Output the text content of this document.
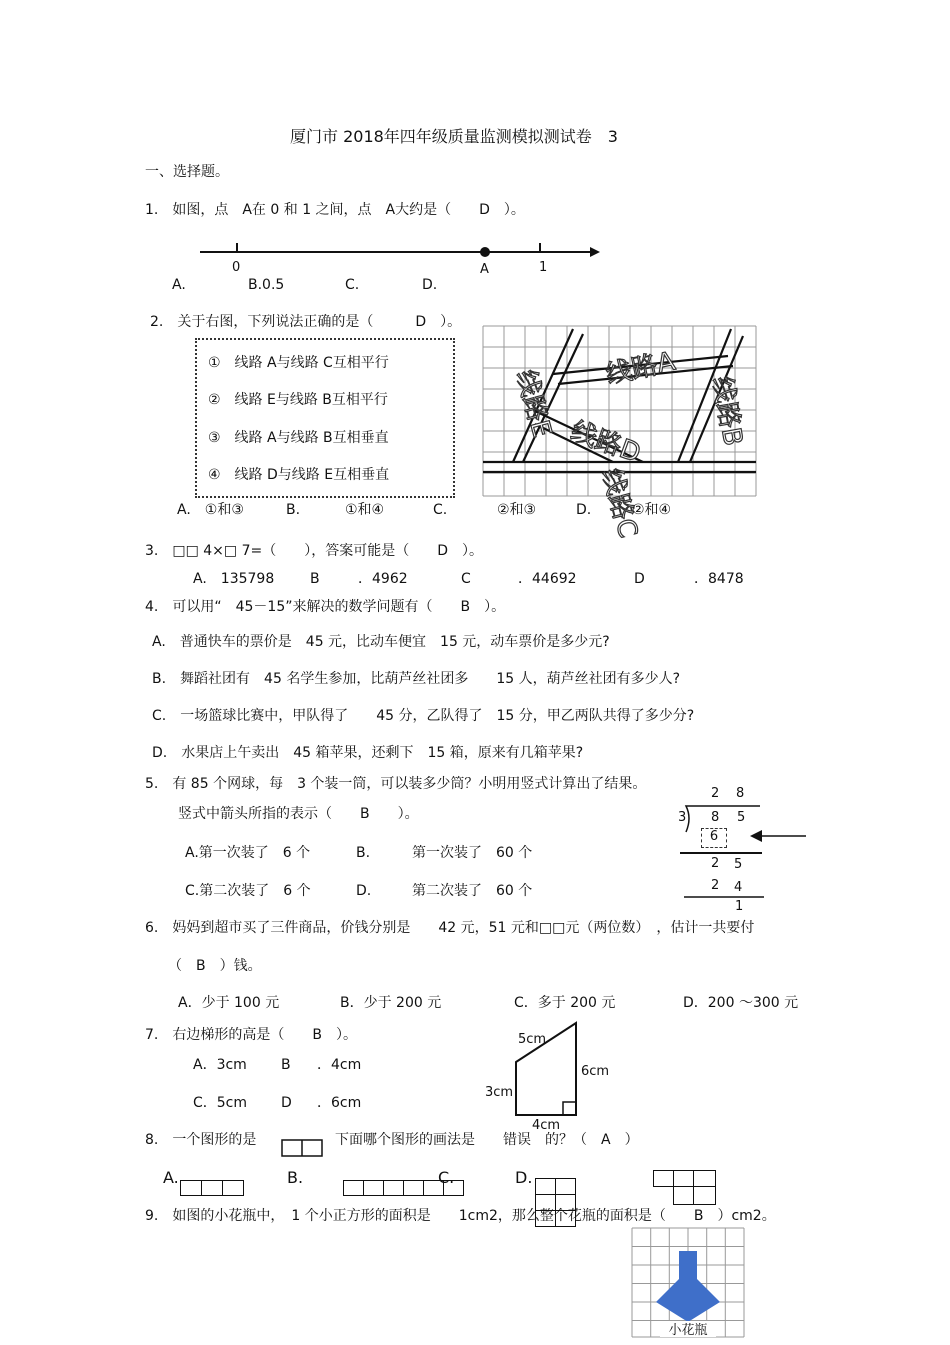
厦门市 2018年四年级质量监测模拟测试卷　3
一、选择题。
1.　如图，点　A在 0 和 1 之间，点　A大约是（　　D　）。
0	A	1
A.	B.0.5	C.	D.
2.　关于右图，下列说法正确的是（　　　D　）。
①　线路 A与线路 C互相平行
②　线路 E与线路 B互相平行
③　线路 A与线路 B互相垂直
④　线路 D与线路 E互相垂直
线路A
线路E	线路B
线路D
线路C
A.　①和③	B.	①和④	C.	②和③	D.	②和④
3.　□□ 4×□ 7=（　　），答案可能是（　　D　）。
A.　135798	B	．4962	C	．44692	D	．8478
4.　可以用“　45－15”来解决的数学问题有（　　B　）。
A.　普通快车的票价是　45 元，比动车便宜　15 元，动车票价是多少元?
B.　舞蹈社团有　45 名学生参加，比葫芦丝社团多　　15 人，葫芦丝社团有多少人?
C.　一场篮球比赛中，甲队得了　　45 分，乙队得了　15 分，甲乙两队共得了多少分?
D.　水果店上午卖出　45 箱苹果，还剩下　15 箱，原来有几箱苹果?
5.　有 85 个网球，每　3 个装一筒，可以装多少筒？小明用竖式计算出了结果。
竖式中箭头所指的表示（　　B　　）。
A.第一次装了　6 个	B.	第一次装了　60 个
C.第二次装了　6 个	D.	第二次装了　60 个
2 8
3 8 5
6
2 5
2 4
1
6.　妈妈到超市买了三件商品，价钱分别是　　42 元，51 元和□□元（两位数）　，估计一共要付
（　B　）钱。
A．少于 100 元	B．少于 200 元	C．多于 200 元	D．200 ～300 元
7.　右边梯形的高是（　　B　）。
A．3cm B ．4cm
C．5cm D ．6cm
5cm
6cm
3cm
4cm
8.　一个图形的是	下面哪个图形的画法是　　错误　的？（　A　）
A.	B.	C.	D.
9.　如图的小花瓶中，　1 个小正方形的面积是　　1cm2，那么整个花瓶的面积是（　　B　）cm2。
小花瓶
